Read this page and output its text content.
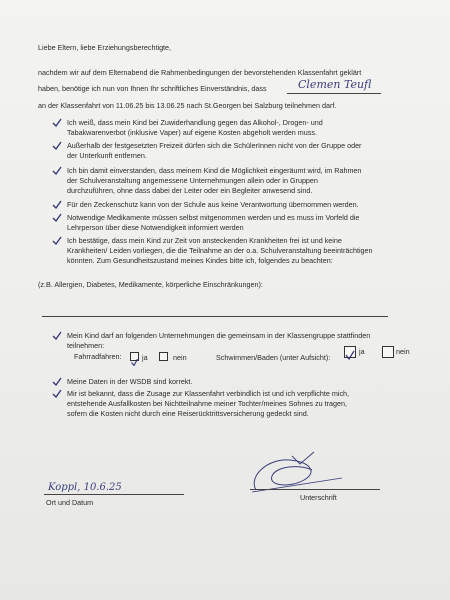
Liebe Eltern, liebe Erziehungsberechtigte,
nachdem wir auf dem Elternabend die Rahmenbedingungen der bevorstehenden Klassenfahrt geklärt
haben, benötige ich nun von Ihnen Ihr schriftliches Einverständnis, dass	Clemen Teufl
an der Klassenfahrt von 11.06.25 bis 13.06.25 nach St.Georgen bei Salzburg teilnehmen darf.
Ich weiß, dass mein Kind bei Zuwiderhandlung gegen das Alkohol-, Drogen- und
Tabakwarenverbot (inklusive Vaper) auf eigene Kosten abgeholt werden muss.
Außerhalb der festgesetzten Freizeit dürfen sich die SchülerInnen nicht von der Gruppe oder
der Unterkunft entfernen.
Ich bin damit einverstanden, dass meinem Kind die Möglichkeit eingeräumt wird, im Rahmen
der Schulveranstaltung angemessene Unternehmungen allein oder in Gruppen
durchzuführen, ohne dass dabei der Leiter oder ein Begleiter anwesend sind.
Für den Zeckenschutz kann von der Schule aus keine Verantwortung übernommen werden.
Notwendige Medikamente müssen selbst mitgenommen werden und es muss im Vorfeld die
Lehrperson über diese Notwendigkeit informiert werden
Ich bestätige, dass mein Kind zur Zeit von ansteckenden Krankheiten frei ist und keine
Krankheiten/ Leiden vorliegen, die die Teilnahme an der o.a. Schulveranstaltung beeinträchtigen
könnten. Zum Gesundheitszustand meines Kindes bitte ich, folgendes zu beachten:
(z.B. Allergien, Diabetes, Medikamente, körperliche Einschränkungen):
Mein Kind darf an folgenden Unternehmungen die gemeinsam in der Klassengruppe stattfinden
teilnehmen:
Fahrradfahren:	ja	nein	Schwimmen/Baden (unter Aufsicht):
ja	nein
Meine Daten in der WSDB sind korrekt.
Mir ist bekannt, dass die Zusage zur Klassenfahrt verbindlich ist und ich verpflichte mich,
entstehende Ausfallkosten bei Nichtteilnahme meiner Tochter/meines Sohnes zu tragen,
sofern die Kosten nicht durch eine Reiserücktrittsversicherung gedeckt sind.
Koppl, 10.6.25
Ort und Datum
Unterschrift
